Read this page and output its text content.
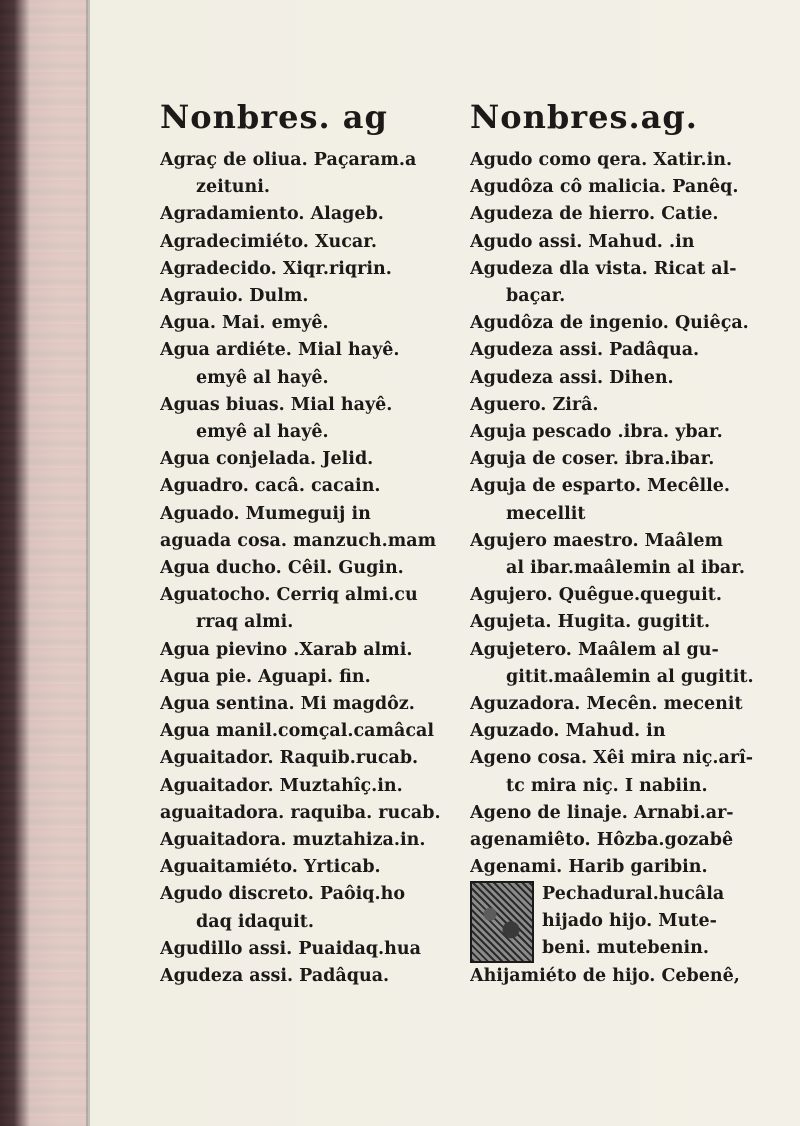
Nonbres. ag
Agraç de oliua. Paçaram.a
zeituni.
Agradamiento. Alageb.
Agradecimiéto. Xucar.
Agradecido. Xiqr.riqrin.
Agrauio. Dulm.
Agua. Mai. emyê.
Agua ardiéte. Mial hayê.
emyê al hayê.
Aguas biuas. Mial hayê.
emyê al hayê.
Agua conjelada. Jelid.
Aguadro. cacâ. cacain.
Aguado. Mumeguij in
aguada cosa. manzuch.mam
Agua ducho. Cêil. Gugin.
Aguatocho. Cerriq almi.cu
rraq almi.
Agua pievino .Xarab almi.
Agua pie. Aguapi. fin.
Agua sentina. Mi magdôz.
Agua manil.comçal.camâcal
Aguaitador. Raquib.rucab.
Aguaitador. Muztahîç.in.
aguaitadora. raquiba. rucab.
Aguaitadora. muztahiza.in.
Aguaitamiéto. Yrticab.
Agudo discreto. Paôiq.ho
daq idaquit.
Agudillo assi. Puaidaq.hua
Agudeza assi. Padâqua.
Nonbres.ag.
Agudo como qera. Xatir.in.
Agudôza cô malicia. Panêq.
Agudeza de hierro. Catie.
Agudo assi. Mahud. .in
Agudeza dla vista. Ricat al-
baçar.
Agudôza de ingenio. Quiêça.
Agudeza assi. Padâqua.
Agudeza assi. Dihen.
Aguero. Zirâ.
Aguja pescado .ibra. ybar.
Aguja de coser. ibra.ibar.
Aguja de esparto. Mecêlle.
mecellit
Agujero maestro. Maâlem
al ibar.maâlemin al ibar.
Agujero. Quêgue.queguit.
Agujeta. Hugita. gugitit.
Agujetero. Maâlem al gu-
gitit.maâlemin al gugitit.
Aguzadora. Mecên. mecenit
Aguzado. Mahud. in
Ageno cosa. Xêi mira niç.arî-
tc mira niç. I nabiin.
Ageno de linaje. Arnabi.ar-
agenamiêto. Hôzba.gozabê
Agenami. Harib garibin.
Pechadural.hucâla
hijado hijo. Mute-
beni. mutebenin.
Ahijamiéto de hijo. Cebenê,
